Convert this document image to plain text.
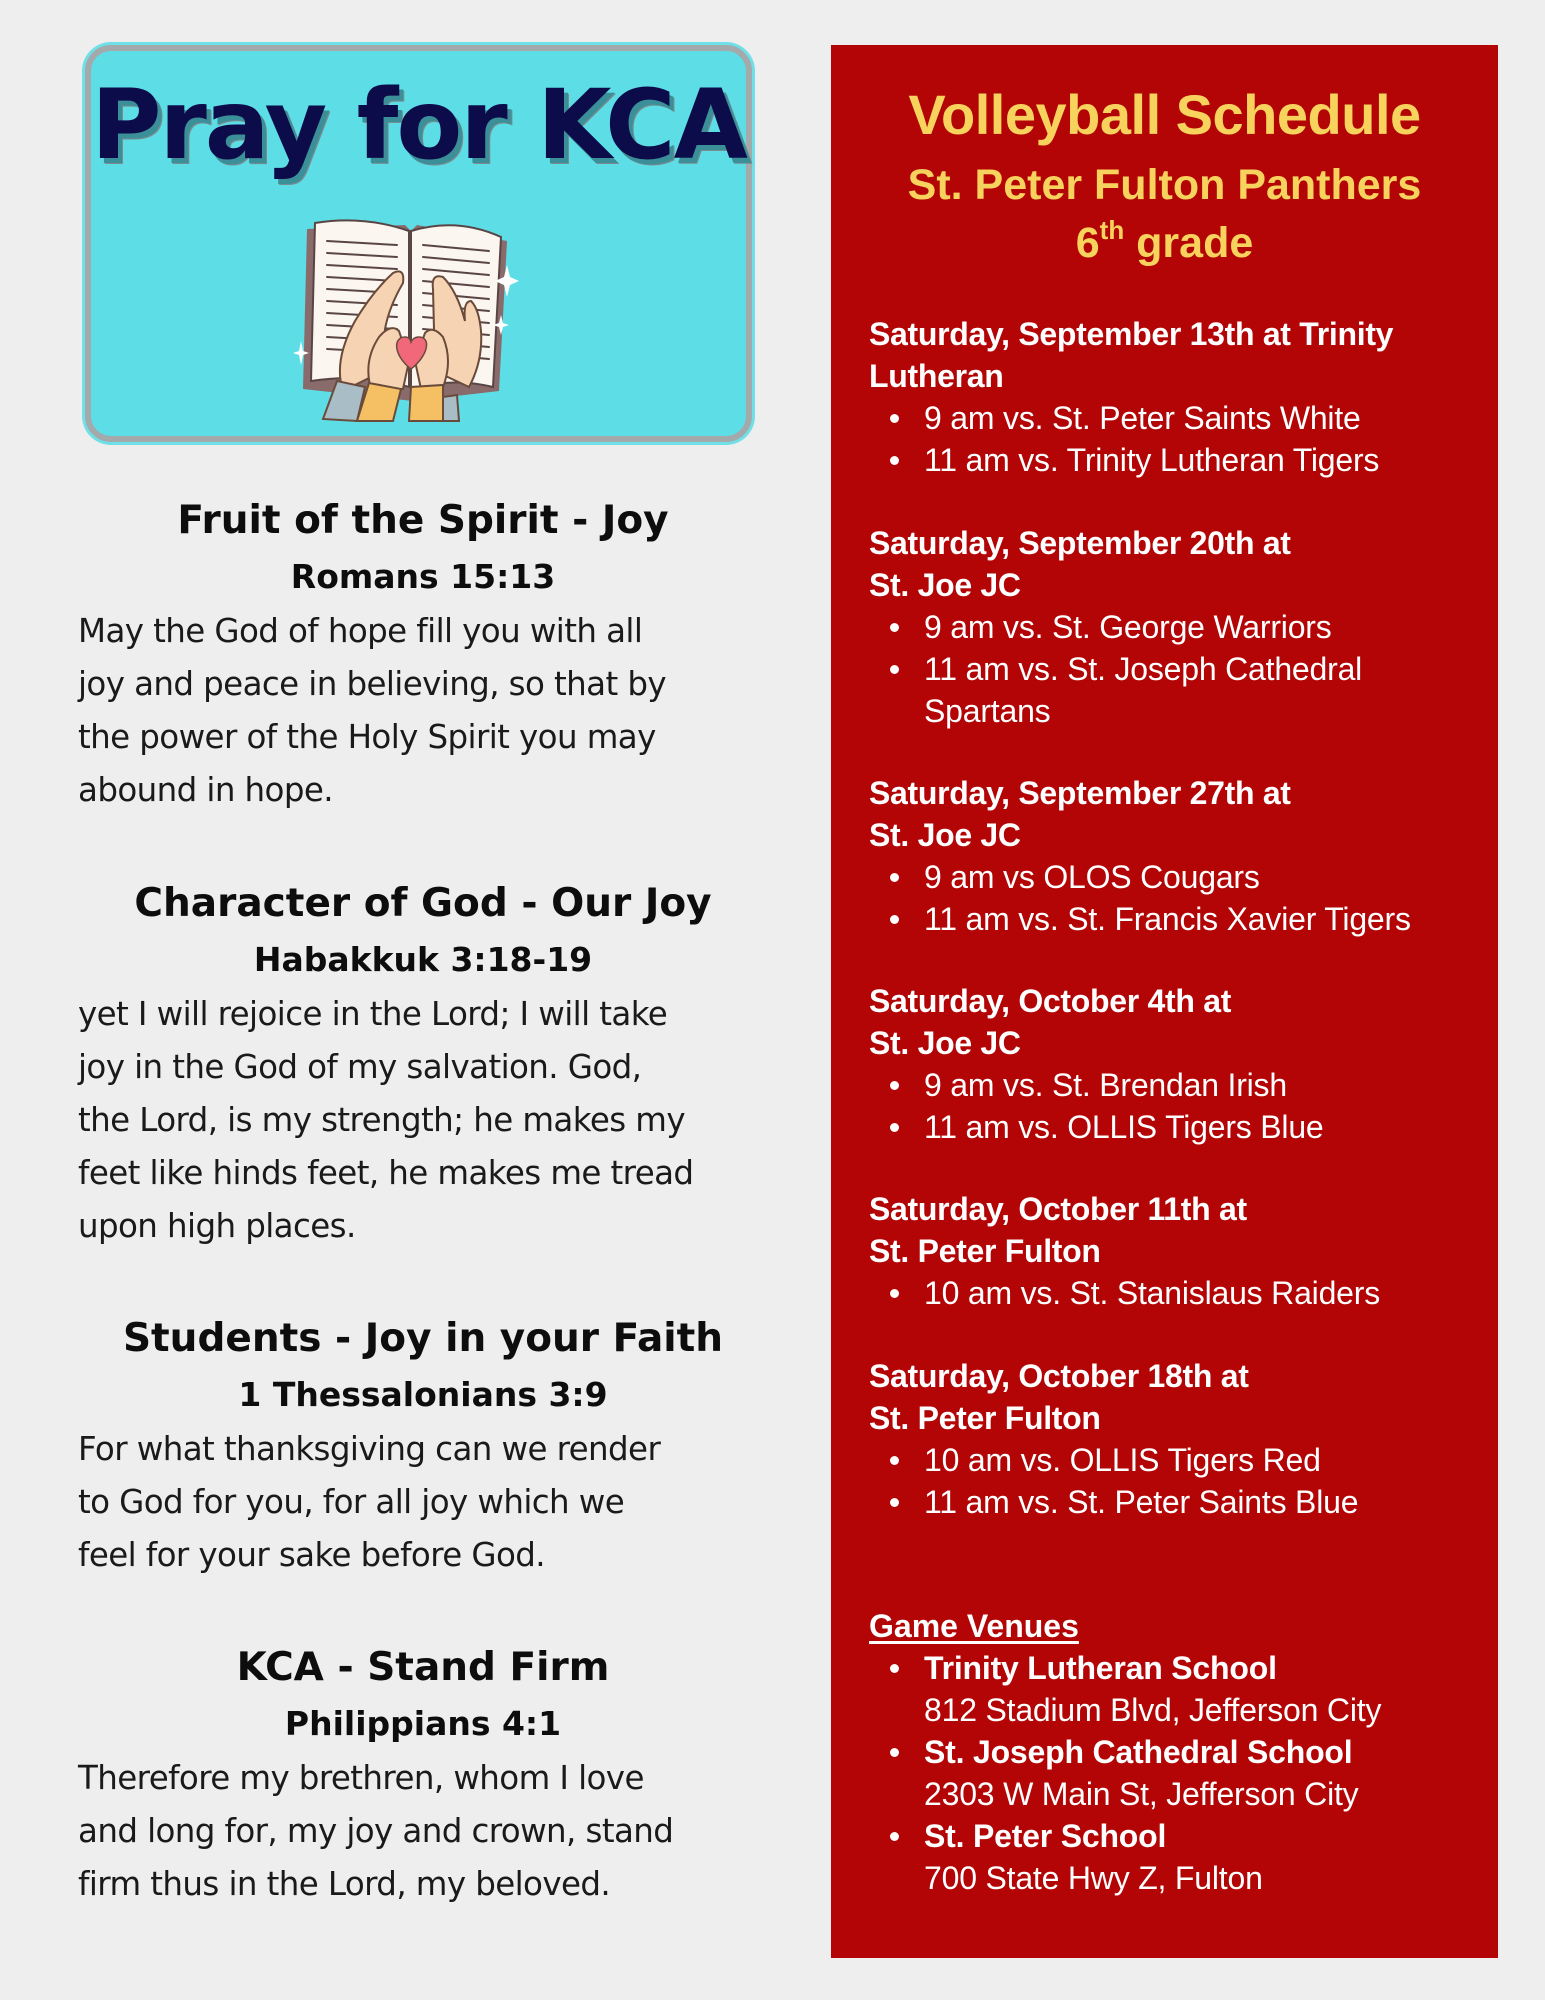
Pray for KCA
Fruit of the Spirit - Joy
Romans 15:13
May the God of hope fill you with all
joy and peace in believing, so that by
the power of the Holy Spirit you may
abound in hope.
Character of God - Our Joy
Habakkuk 3:18-19
yet I will rejoice in the Lord; I will take
joy in the God of my salvation. God,
the Lord, is my strength; he makes my
feet like hinds feet, he makes me tread
upon high places.
Students - Joy in your Faith
1 Thessalonians 3:9
For what thanksgiving can we render
to God for you, for all joy which we
feel for your sake before God.
KCA - Stand Firm
Philippians 4:1
Therefore my brethren, whom I love
and long for, my joy and crown, stand
firm thus in the Lord, my beloved.
Volleyball Schedule
St. Peter Fulton Panthers
6th grade
Saturday, September 13th at Trinity
Lutheran
9 am vs. St. Peter Saints White
11 am vs. Trinity Lutheran Tigers
Saturday, September 20th at
St. Joe JC
9 am vs. St. George Warriors
11 am vs. St. Joseph Cathedral
Spartans
Saturday, September 27th at
St. Joe JC
9 am vs OLOS Cougars
11 am vs. St. Francis Xavier Tigers
Saturday, October 4th at
St. Joe JC
9 am vs. St. Brendan Irish
11 am vs. OLLIS Tigers Blue
Saturday, October 11th at
St. Peter Fulton
10 am vs. St. Stanislaus Raiders
Saturday, October 18th at
St. Peter Fulton
10 am vs. OLLIS Tigers Red
11 am vs. St. Peter Saints Blue
Game Venues
Trinity Lutheran School
812 Stadium Blvd, Jefferson City
St. Joseph Cathedral School
2303 W Main St, Jefferson City
St. Peter School
700 State Hwy Z, Fulton
